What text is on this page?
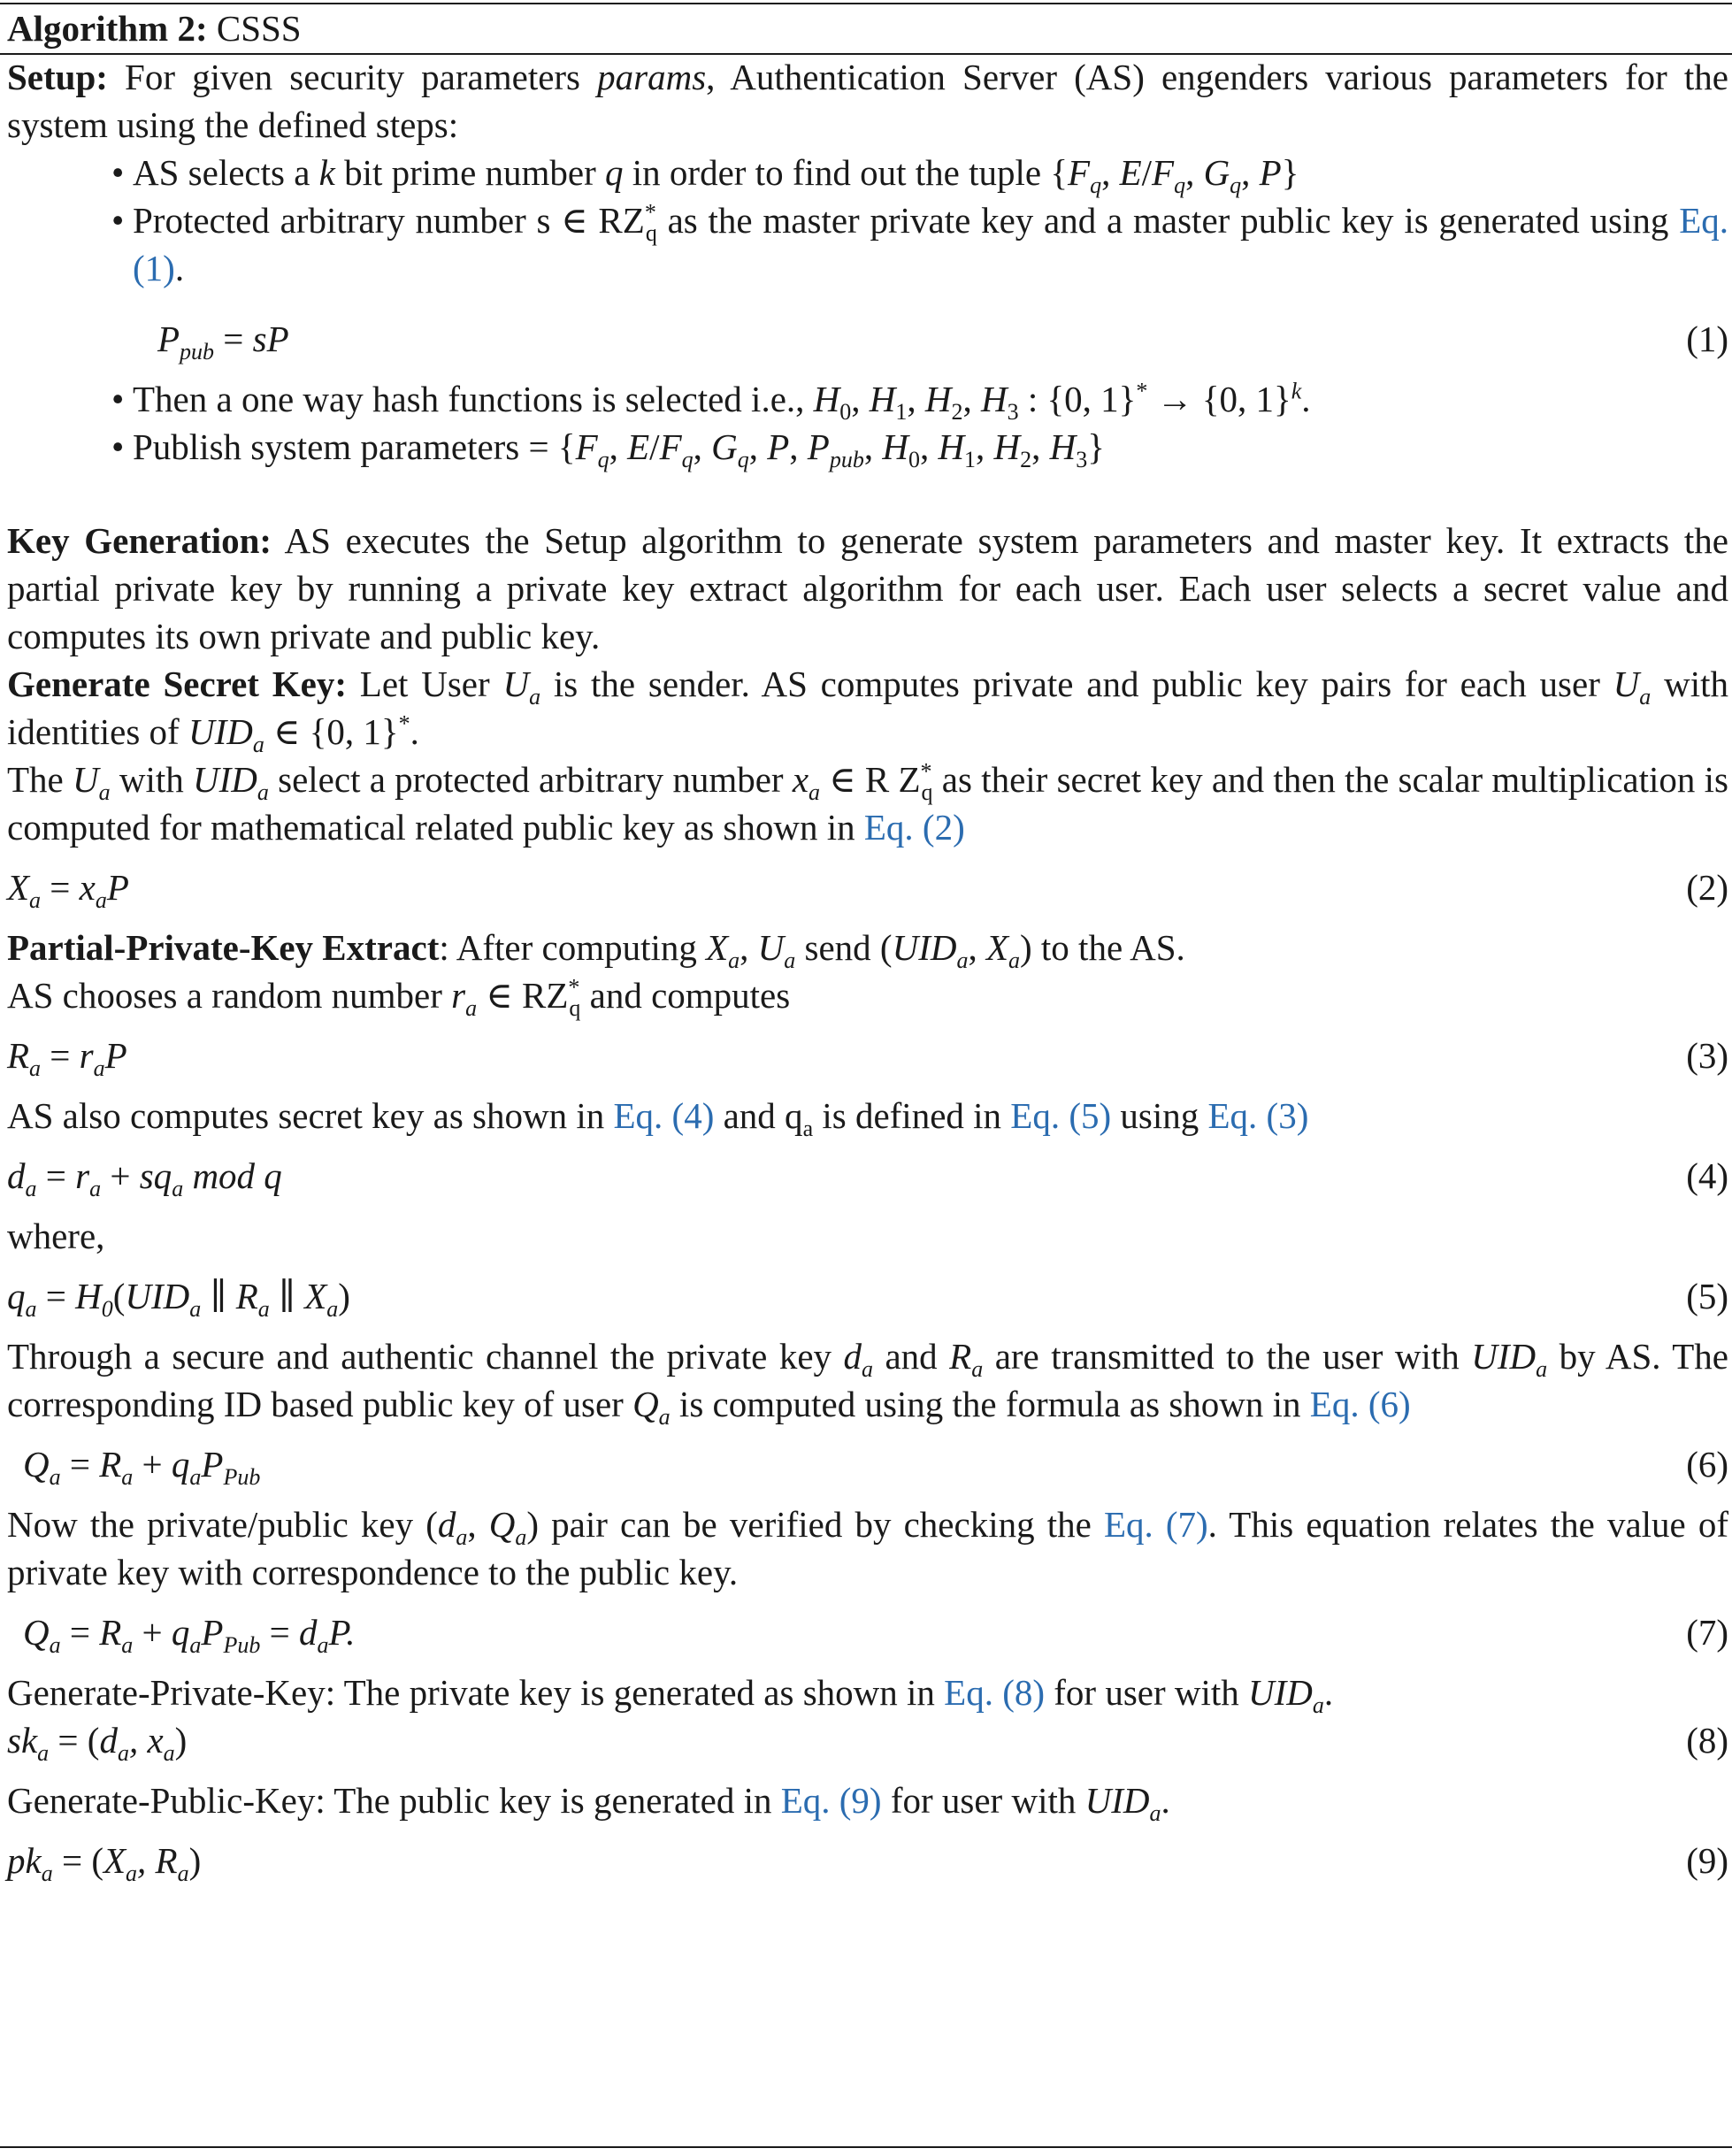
Algorithm 2: CSSS

Setup: For given security parameters params, Authentication Server (AS) engenders various parameters for the system using the defined steps:

• AS selects a k bit prime number q in order to find out the tuple {$F_q$, $E/F_q$, $G_q$, P}

• Protected arbitrary number s ∈ $RZ^*_q$ as the master private key and a master public key is generated using Eq. (1).

$P_{pub}$ = sP	(1)

• Then a one way hash functions is selected i.e., $H_0$, $H_1$, $H_2$, $H_3$ : {0, 1}* → {0, 1}$^k$.

• Publish system parameters = {$F_q$, $E/F_q$, $G_q$, P, $P_{pub}$, $H_0$, $H_1$, $H_2$, $H_3$}

Key Generation: AS executes the Setup algorithm to generate system parameters and master key. It extracts the partial private key by running a private key extract algorithm for each user. Each user selects a secret value and computes its own private and public key.

Generate Secret Key: Let User $U_a$ is the sender. AS computes private and public key pairs for each user $U_a$ with identities of $UID_a$ ∈ {0, 1}*.

The $U_a$ with $UID_a$ select a protected arbitrary number $x_a$ ∈ R $Z^*_q$ as their secret key and then the scalar multiplication is computed for mathematical related public key as shown in Eq. (2)

$X_a = x_aP$	(2)

Partial-Private-Key Extract: After computing $X_a$, $U_a$ send ($UID_a$, $X_a$) to the AS.

AS chooses a random number $r_a$ ∈ $RZ^*_q$ and computes

$R_a = r_aP$	(3)

AS also computes secret key as shown in Eq. (4) and $q_a$ is defined in Eq. (5) using Eq. (3)

$d_a = r_a + sq_a$ mod q	(4)

where,

$q_a = H_0(UID_a$ ∥ $R_a$ ∥ $X_a$)	(5)

Through a secure and authentic channel the private key $d_a$ and $R_a$ are transmitted to the user with $UID_a$ by AS. The corresponding ID based public key of user $Q_a$ is computed using the formula as shown in Eq. (6)

$Q_a = R_a + q_aP_{Pub}$	(6)

Now the private/public key ($d_a$, $Q_a$) pair can be verified by checking the Eq. (7). This equation relates the value of private key with correspondence to the public key.

$Q_a = R_a + q_aP_{Pub} = d_aP$.	(7)

Generate-Private-Key: The private key is generated as shown in Eq. (8) for user with $UID_a$.

$sk_a = (d_a$, $x_a$)	(8)

Generate-Public-Key: The public key is generated in Eq. (9) for user with $UID_a$.

$pk_a = (X_a$, $R_a$)	(9)
